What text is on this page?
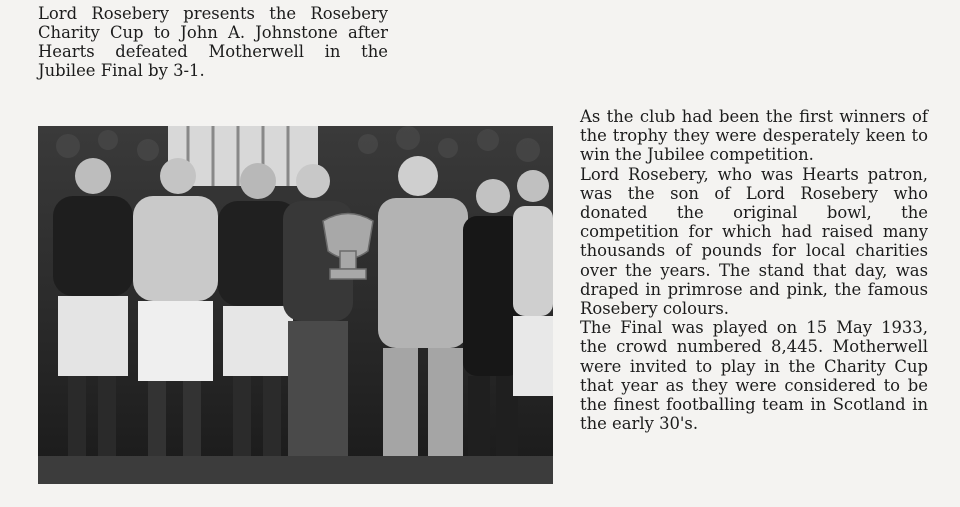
Lord Rosebery presents the Rosebery Charity Cup to John A. Johnstone after Hearts defeated Motherwell in the Jubilee Final by 3-1.

As the club had been the first winners of the trophy they were desperately keen to win the Jubilee competition.

Lord Rosebery, who was Hearts patron, was the son of Lord Rosebery who donated the original bowl, the competition for which had raised many thousands of pounds for local charities over the years. The stand that day, was draped in primrose and pink, the famous Rosebery colours.

The Final was played on 15 May 1933, the crowd numbered 8,445. Motherwell were invited to play in the Charity Cup that year as they were considered to be the finest footballing team in Scotland in the early 30's.
